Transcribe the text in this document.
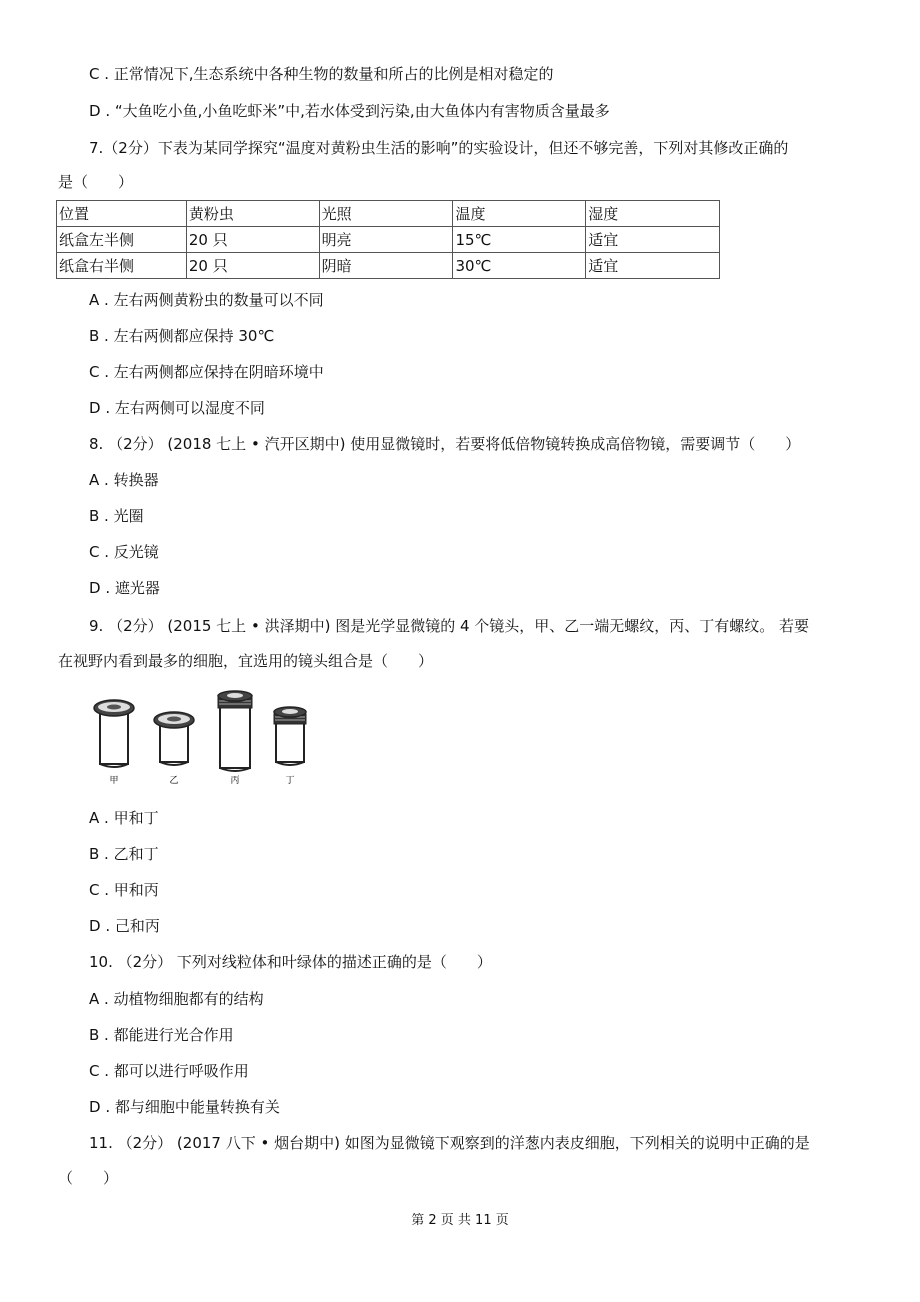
C . 正常情况下,生态系统中各种生物的数量和所占的比例是相对稳定的
D . “大鱼吃小鱼,小鱼吃虾米”中,若水体受到污染,由大鱼体内有害物质含量最多
7.（2分）下表为某同学探究“温度对黄粉虫生活的影响”的实验设计，但还不够完善，下列对其修改正确的
是（　　）
位置	黄粉虫	光照	温度	湿度
纸盒左半侧	20 只	明亮	15℃	适宜
纸盒右半侧	20 只	阴暗	30℃	适宜
A . 左右两侧黄粉虫的数量可以不同
B . 左右两侧都应保持 30℃
C . 左右两侧都应保持在阴暗环境中
D . 左右两侧可以湿度不同
8. （2分） (2018 七上 • 汽开区期中) 使用显微镜时，若要将低倍物镜转换成高倍物镜，需要调节（　　）
A . 转换器
B . 光圈
C . 反光镜
D . 遮光器
9. （2分） (2015 七上 • 洪泽期中) 图是光学显微镜的 4 个镜头，甲、乙一端无螺纹，丙、丁有螺纹。 若要
在视野内看到最多的细胞，宜选用的镜头组合是（　　）
甲	乙	丙	丁
A . 甲和丁
B . 乙和丁
C . 甲和丙
D . 己和丙
10. （2分） 下列对线粒体和叶绿体的描述正确的是（　　）
A . 动植物细胞都有的结构
B . 都能进行光合作用
C . 都可以进行呼吸作用
D . 都与细胞中能量转换有关
11. （2分） (2017 八下 • 烟台期中) 如图为显微镜下观察到的洋葱内表皮细胞，下列相关的说明中正确的是
（　　）
第 2 页 共 11 页
